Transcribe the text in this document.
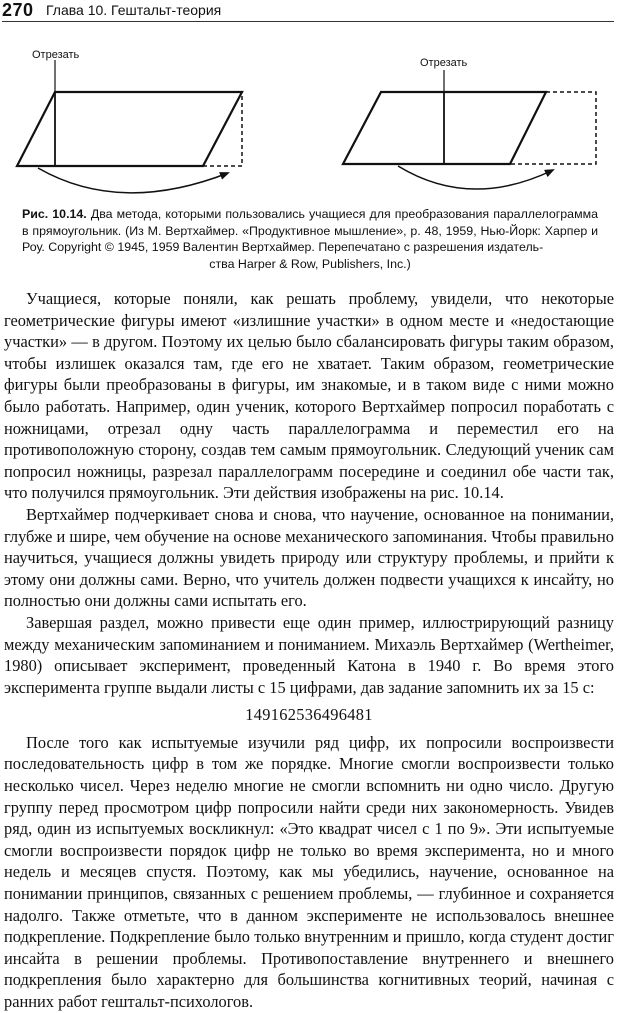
270 Глава 10. Гештальт-теория
Отрезать
Отрезать
Рис. 10.14. Два метода, которыми пользовались учащиеся для преобразования параллелограмма в прямоугольник. (Из М. Вертхаймер. «Продуктивное мышление», p. 48, 1959, Нью-Йорк: Харпер и Роу. Copyright © 1945, 1959 Валентин Вертхаймер. Перепечатано с разрешения издатель-
ства Harper & Row, Publishers, Inc.)

Учащиеся, которые поняли, как решать проблему, увидели, что некоторые геометрические фигуры имеют «излишние участки» в одном месте и «недостающие участки» — в другом. Поэтому их целью было сбалансировать фигуры таким образом, чтобы излишек оказался там, где его не хватает. Таким образом, геометрические фигуры были преобразованы в фигуры, им знакомые, и в таком виде с ними можно было работать. Например, один ученик, которого Вертхаймер попросил поработать с ножницами, отрезал одну часть параллелограмма и переместил его на противоположную сторону, создав тем самым прямоугольник. Следующий ученик сам попросил ножницы, разрезал параллелограмм посередине и соединил обе части так, что получился прямоугольник. Эти действия изображены на рис. 10.14.

Вертхаймер подчеркивает снова и снова, что научение, основанное на понимании, глубже и шире, чем обучение на основе механического запоминания. Чтобы правильно научиться, учащиеся должны увидеть природу или структуру проблемы, и прийти к этому они должны сами. Верно, что учитель должен подвести учащихся к инсайту, но полностью они должны сами испытать его.

Завершая раздел, можно привести еще один пример, иллюстрирующий разницу между механическим запоминанием и пониманием. Михаэль Вертхаймер (Wertheimer, 1980) описывает эксперимент, проведенный Катона в 1940 г. Во время этого эксперимента группе выдали листы с 15 цифрами, дав задание запомнить их за 15 с:

149162536496481

После того как испытуемые изучили ряд цифр, их попросили воспроизвести последовательность цифр в том же порядке. Многие смогли воспроизвести только несколько чисел. Через неделю многие не смогли вспомнить ни одно число. Другую группу перед просмотром цифр попросили найти среди них закономерность. Увидев ряд, один из испытуемых воскликнул: «Это квадрат чисел с 1 по 9». Эти испытуемые смогли воспроизвести порядок цифр не только во время эксперимента, но и много недель и месяцев спустя. Поэтому, как мы убедились, научение, основанное на понимании принципов, связанных с решением проблемы, — глубинное и сохраняется надолго. Также отметьте, что в данном эксперименте не использовалось внешнее подкрепление. Подкрепление было только внутренним и пришло, когда студент достиг инсайта в решении проблемы. Противопоставление внутреннего и внешнего подкрепления было характерно для большинства когнитивных теорий, начиная с ранних работ гештальт-психологов.
